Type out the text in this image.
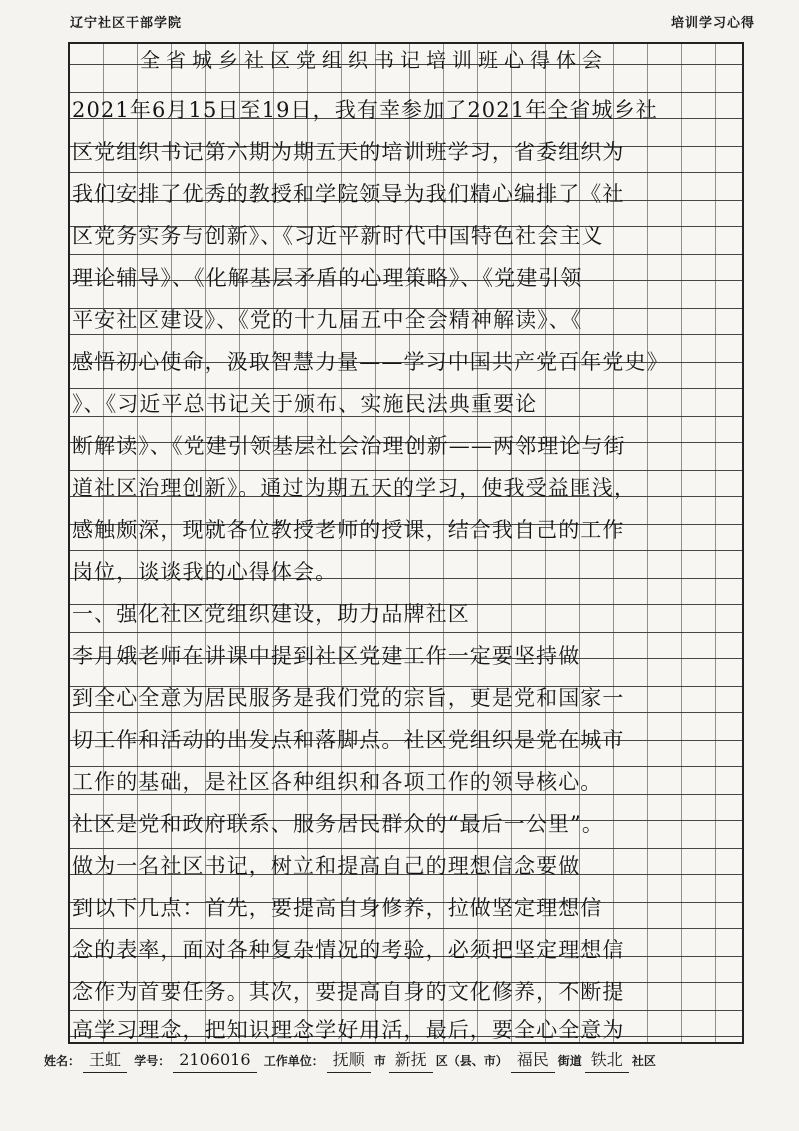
辽宁社区干部学院	培训学习心得
全省城乡社区党组织书记培训班心得体会
2021年6月15日至19日，我有幸参加了2021年全省城乡社
区党组织书记第六期为期五天的培训班学习，省委组织为
我们安排了优秀的教授和学院领导为我们精心编排了《社
区党务实务与创新》、《习近平新时代中国特色社会主义
理论辅导》、《化解基层矛盾的心理策略》、《党建引领
平安社区建设》、《党的十九届五中全会精神解读》、《
感悟初心使命，汲取智慧力量——学习中国共产党百年党史》
》、《习近平总书记关于颁布、实施民法典重要论
断解读》、《党建引领基层社会治理创新——两邻理论与街
道社区治理创新》。通过为期五天的学习，使我受益匪浅，
感触颇深，现就各位教授老师的授课，结合我自己的工作
岗位，谈谈我的心得体会。
一、强化社区党组织建设，助力品牌社区
李月娥老师在讲课中提到社区党建工作一定要坚持做
到全心全意为居民服务是我们党的宗旨，更是党和国家一
切工作和活动的出发点和落脚点。社区党组织是党在城市
工作的基础，是社区各种组织和各项工作的领导核心。
社区是党和政府联系、服务居民群众的“最后一公里”。
做为一名社区书记，树立和提高自己的理想信念要做
到以下几点：首先，要提高自身修养，拉做坚定理想信
念的表率，面对各种复杂情况的考验，必须把坚定理想信
念作为首要任务。其次，要提高自身的文化修养，不断提
高学习理念，把知识理念学好用活，最后，要全心全意为
姓名： 王虹 学号： 2106016 工作单位： 抚顺 市 新抚 区（县、市） 福民 街道 铁北 社区
